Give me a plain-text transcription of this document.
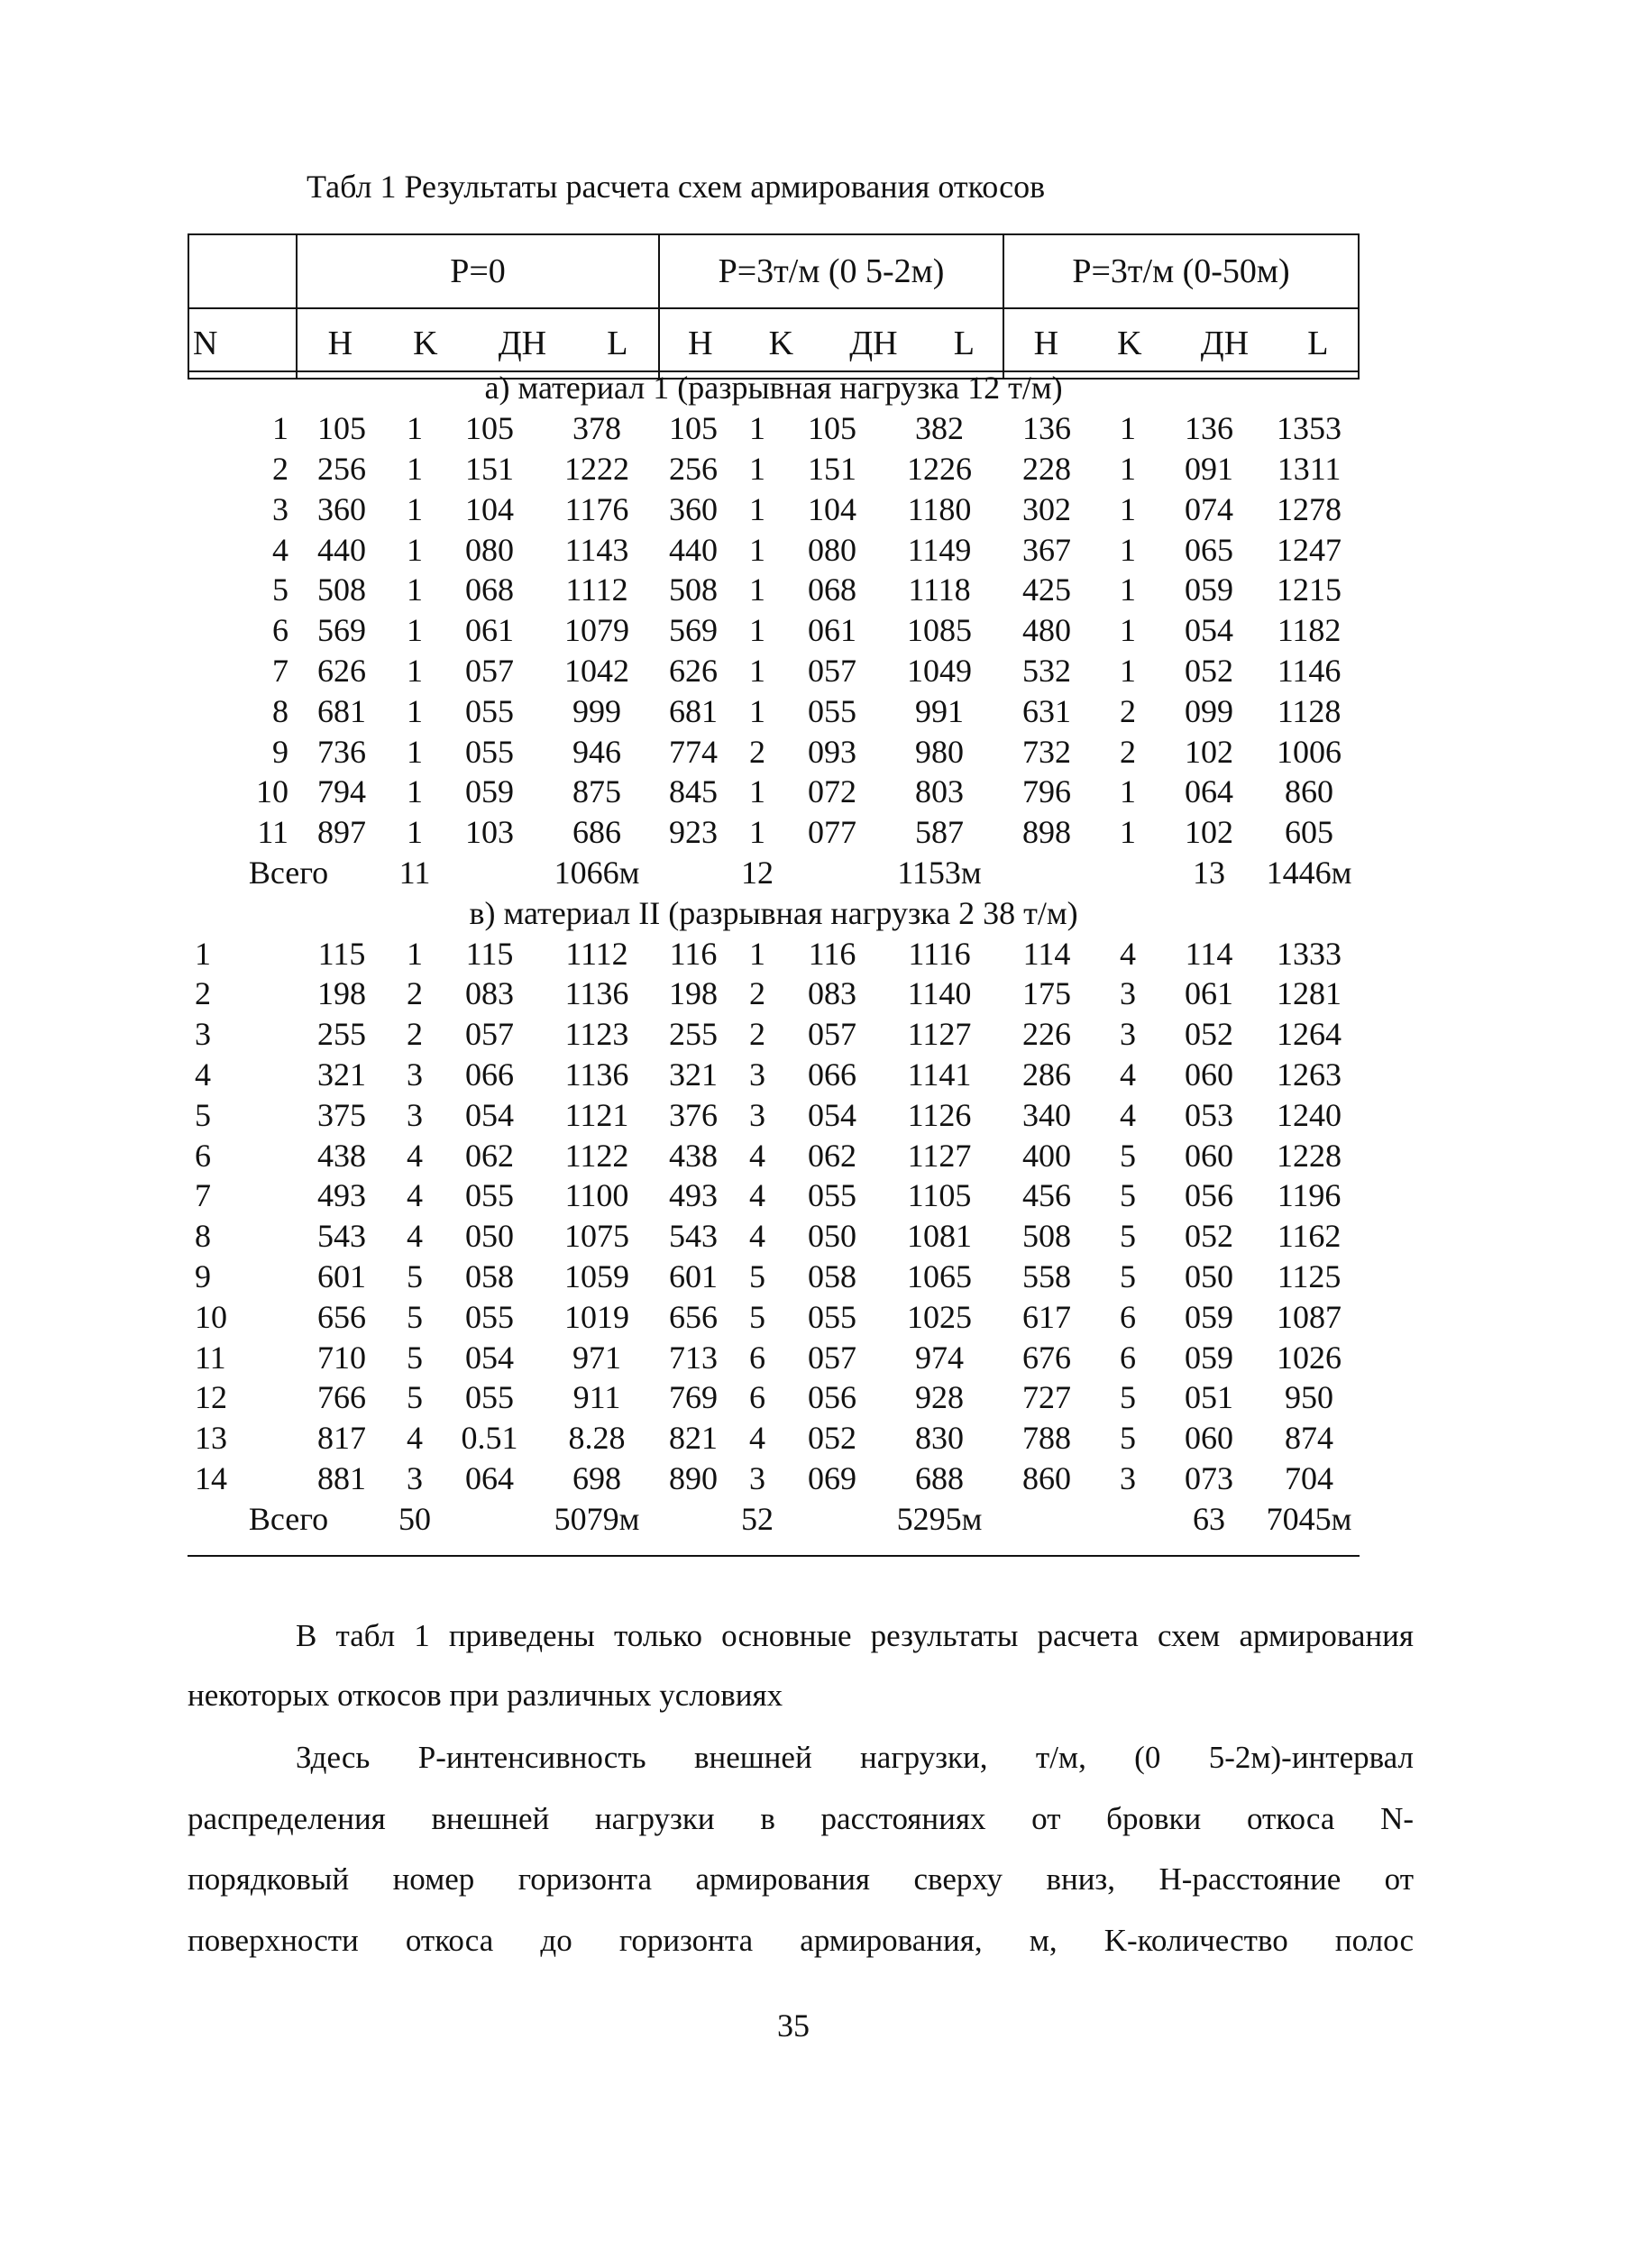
Табл 1 Результаты расчета схем армирования откосов
	P=0	P=3т/м (0 5-2м)	P=3т/м (0-50м)
N	H K ДН L	H K ДН L	H K ДН L
а) материал 1 (разрывная нагрузка 12 т/м)												
1	105	1	105	378	105	1	105	382	136	1	136	1353
2	256	1	151	1222	256	1	151	1226	228	1	091	1311
3	360	1	104	1176	360	1	104	1180	302	1	074	1278
4	440	1	080	1143	440	1	080	1149	367	1	065	1247
5	508	1	068	1112	508	1	068	1118	425	1	059	1215
6	569	1	061	1079	569	1	061	1085	480	1	054	1182
7	626	1	057	1042	626	1	057	1049	532	1	052	1146
8	681	1	055	999	681	1	055	991	631	2	099	1128
9	736	1	055	946	774	2	093	980	732	2	102	1006
10	794	1	059	875	845	1	072	803	796	1	064	860
11	897	1	103	686	923	1	077	587	898	1	102	605
Всего		11		1066м		12		1153м			13	1446м
в) материал II (разрывная нагрузка 2 38 т/м)												
1	115	1	115	1112	116	1	116	1116	114	4	114	1333
2	198	2	083	1136	198	2	083	1140	175	3	061	1281
3	255	2	057	1123	255	2	057	1127	226	3	052	1264
4	321	3	066	1136	321	3	066	1141	286	4	060	1263
5	375	3	054	1121	376	3	054	1126	340	4	053	1240
6	438	4	062	1122	438	4	062	1127	400	5	060	1228
7	493	4	055	1100	493	4	055	1105	456	5	056	1196
8	543	4	050	1075	543	4	050	1081	508	5	052	1162
9	601	5	058	1059	601	5	058	1065	558	5	050	1125
10	656	5	055	1019	656	5	055	1025	617	6	059	1087
11	710	5	054	971	713	6	057	974	676	6	059	1026
12	766	5	055	911	769	6	056	928	727	5	051	950
13	817	4	0.51	8.28	821	4	052	830	788	5	060	874
14	881	3	064	698	890	3	069	688	860	3	073	704
Всего		50		5079м		52		5295м			63	7045м
В табл 1 приведены только основные результаты расчета схем армирования
некоторых откосов при различных условиях
Здесь P-интенсивность внешней нагрузки, т/м, (0 5-2м)-интервал
распределения внешней нагрузки в расстояниях от бровки откоса N-
порядковый номер горизонта армирования сверху вниз, H-расстояние от
поверхности откоса до горизонта армирования, м, K-количество полос
35
